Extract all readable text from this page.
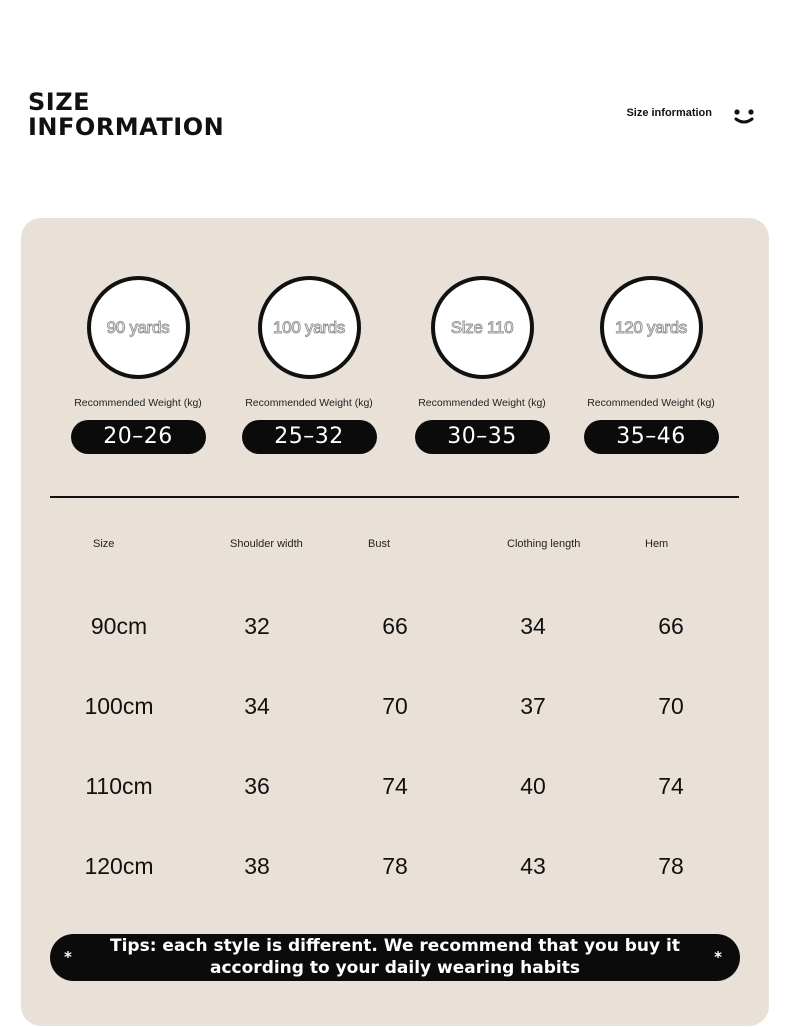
SIZE
INFORMATION	Size information
90 yards
Recommended Weight (kg)
20–26
100 yards
Recommended Weight (kg)
25–32
Size 110
Recommended Weight (kg)
30–35
120 yards
Recommended Weight (kg)
35–46
Size	Shoulder width	Bust	Clothing length	Hem
90cm	32	66	34	66
100cm	34	70	37	70
110cm	36	74	40	74
120cm	38	78	43	78
*
Tips: each style is different. We recommend that you buy it
according to your daily wearing habits
*
